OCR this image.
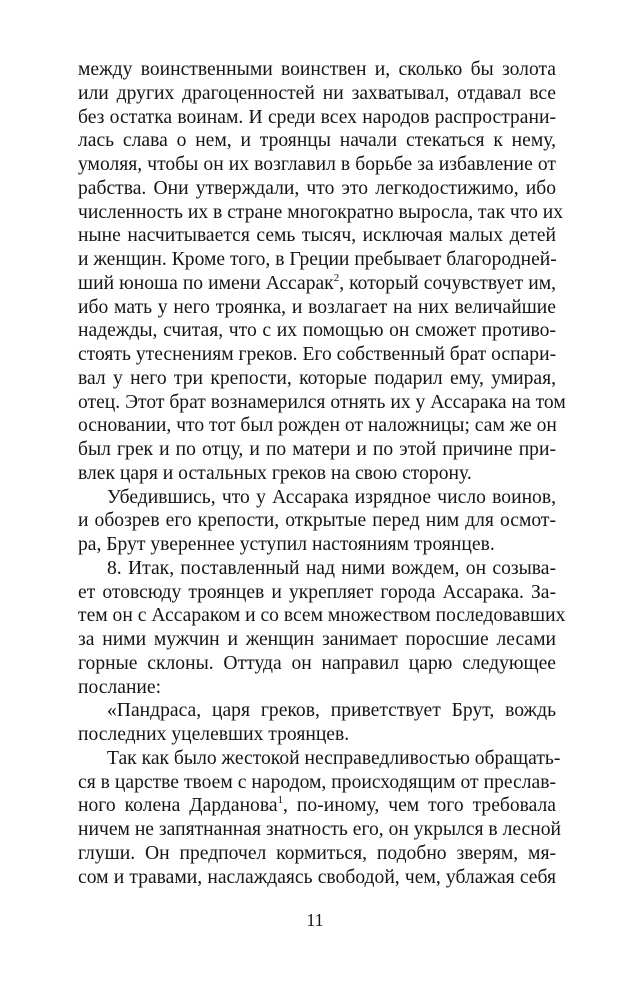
между воинственными воинствен и, сколько бы золота
или других драгоценностей ни захватывал, отдавал все
без остатка воинам. И среди всех народов распространи-
лась слава о нем, и троянцы начали стекаться к нему,
умоляя, чтобы он их возглавил в борьбе за избавление от
рабства. Они утверждали, что это легкодостижимо, ибо
численность их в стране многократно выросла, так что их
ныне насчитывается семь тысяч, исключая малых детей
и женщин. Кроме того, в Греции пребывает благородней-
ший юноша по имени Ассарак$^2$, который сочувствует им,
ибо мать у него троянка, и возлагает на них величайшие
надежды, считая, что с их помощью он сможет противо-
стоять утеснениям греков. Его собственный брат оспари-
вал у него три крепости, которые подарил ему, умирая,
отец. Этот брат вознамерился отнять их у Ассарака на том
основании, что тот был рожден от наложницы; сам же он
был грек и по отцу, и по матери и по этой причине при-
влек царя и остальных греков на свою сторону.
Убедившись, что у Ассарака изрядное число воинов,
и обозрев его крепости, открытые перед ним для осмот-
ра, Брут увереннее уступил настояниям троянцев.
8. Итак, поставленный над ними вождем, он созыва-
ет отовсюду троянцев и укрепляет города Ассарака. За-
тем он с Ассараком и со всем множеством последовавших
за ними мужчин и женщин занимает поросшие лесами
горные склоны. Оттуда он направил царю следующее
послание:
«Пандраса, царя греков, приветствует Брут, вождь
последних уцелевших троянцев.
Так как было жестокой несправедливостью обращать-
ся в царстве твоем с народом, происходящим от преслав-
ного колена Дарданова$^1$, по-иному, чем того требовала
ничем не запятнанная знатность его, он укрылся в лесной
глуши. Он предпочел кормиться, подобно зверям, мя-
сом и травами, наслаждаясь свободой, чем, ублажая себя
11
